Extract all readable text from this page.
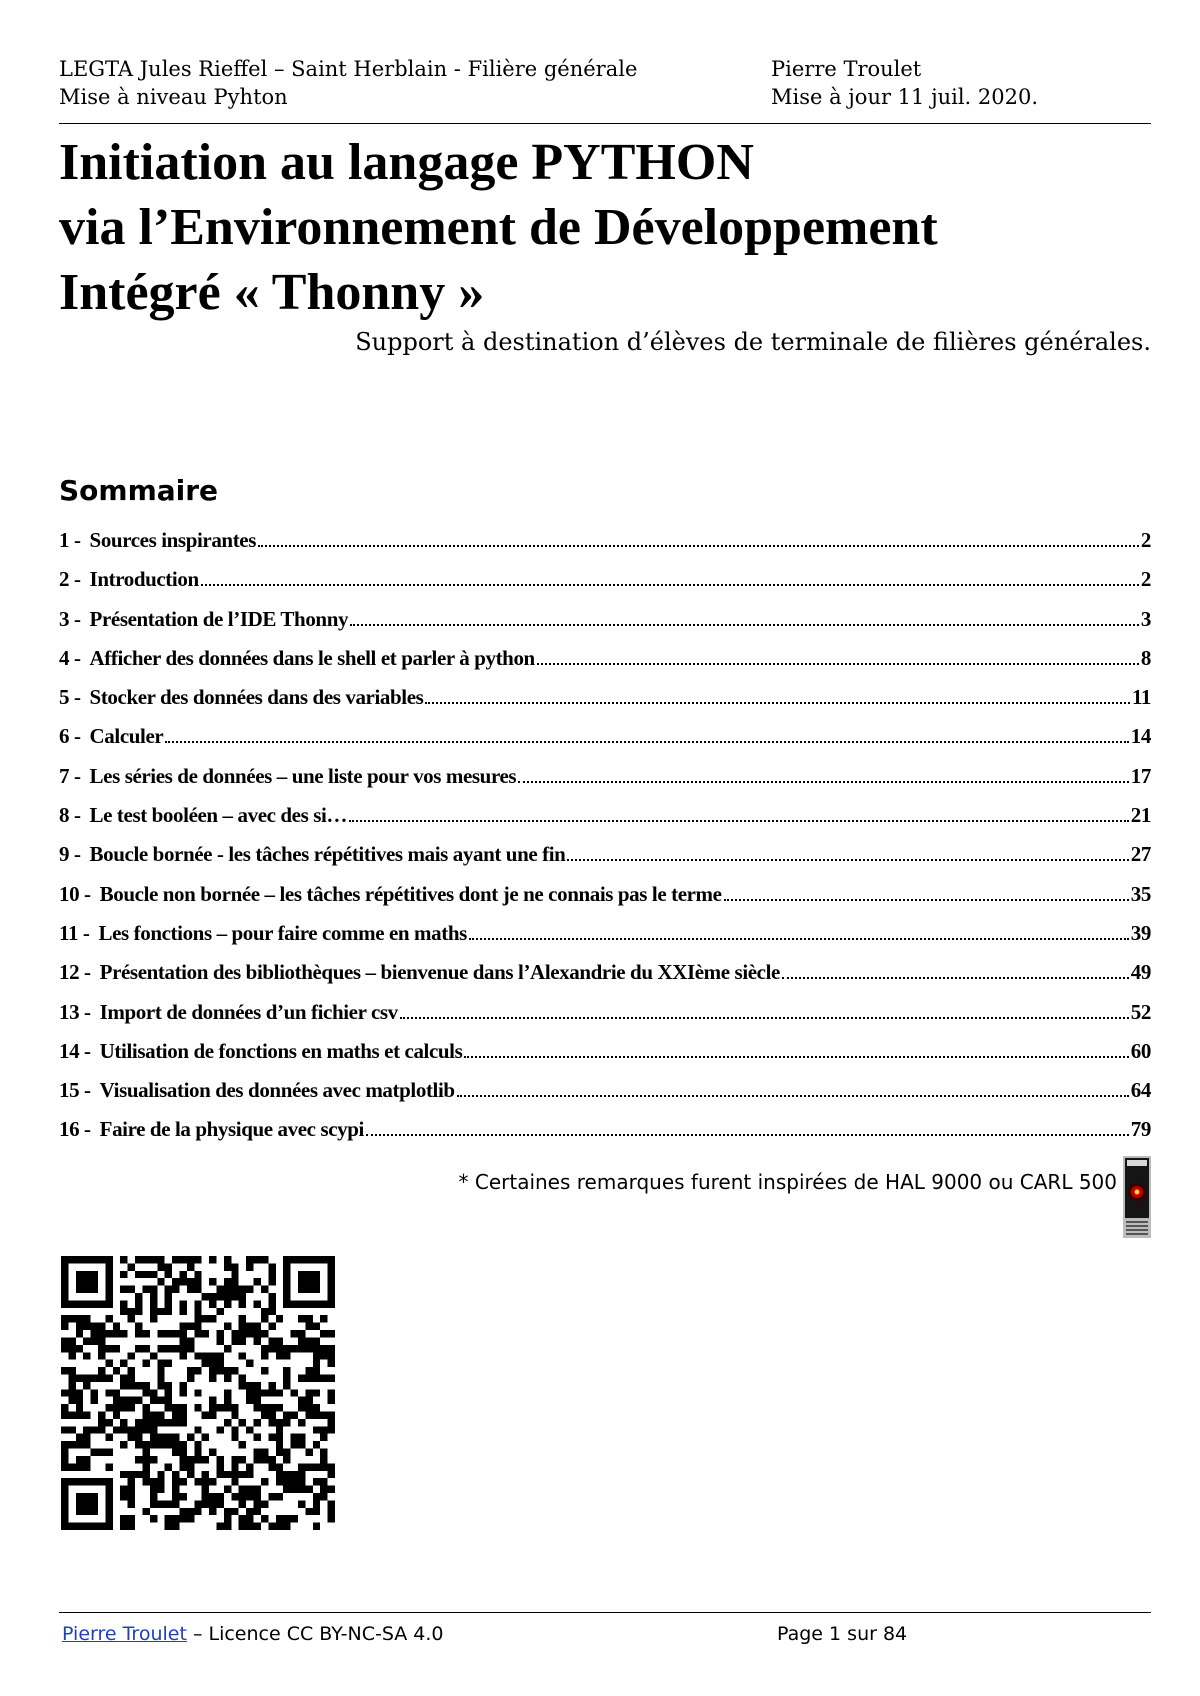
LEGTA Jules Rieffel – Saint Herblain - Filière générale
Mise à niveau Pyhton
Pierre Troulet
Mise à jour 11 juil. 2020.
Initiation au langage PYTHON
via l’Environnement de Développement
Intégré « Thonny »
Support à destination d’élèves de terminale de filières générales.
Sommaire
1 - Sources inspirantes	2
2 - Introduction	2
3 - Présentation de l’IDE Thonny	3
4 - Afficher des données dans le shell et parler à python	8
5 - Stocker des données dans des variables	11
6 - Calculer	14
7 - Les séries de données – une liste pour vos mesures	17
8 - Le test booléen – avec des si…	21
9 - Boucle bornée - les tâches répétitives mais ayant une fin	27
10 - Boucle non bornée – les tâches répétitives dont je ne connais pas le terme	35
11 - Les fonctions – pour faire comme en maths	39
12 - Présentation des bibliothèques – bienvenue dans l’Alexandrie du XXIème siècle	49
13 - Import de données d’un fichier csv	52
14 - Utilisation de fonctions en maths et calculs	60
15 - Visualisation des données avec matplotlib	64
16 - Faire de la physique avec scypi	79
* Certaines remarques furent inspirées de HAL 9000 ou CARL 500
Pierre Troulet – Licence CC BY-NC-SA 4.0	Page 1 sur 84
